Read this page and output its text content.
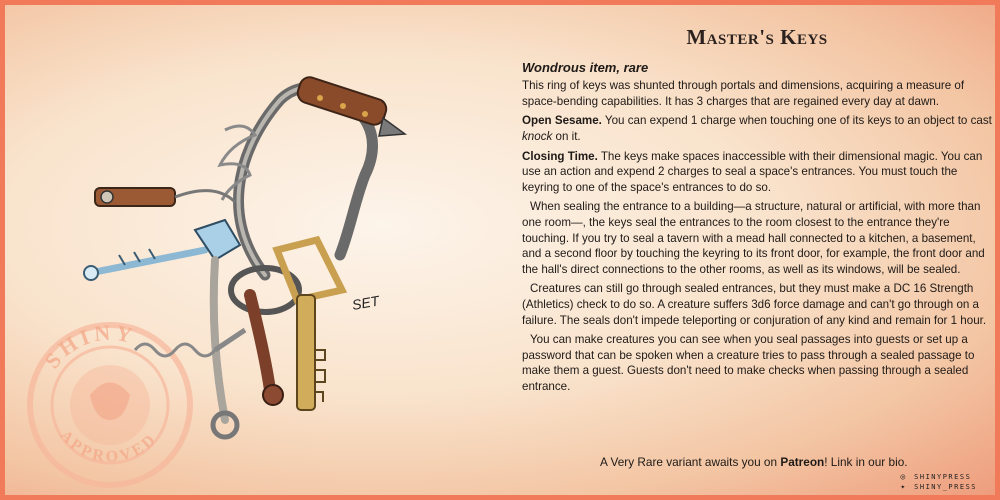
SHINY
APPROVED
SET
Master's Keys
Wondrous item, rare

This ring of keys was shunted through portals and dimensions, acquiring a measure of space-bending capabilities. It has 3 charges that are regained every day at dawn.

Open Sesame. You can expend 1 charge when touching one of its keys to an object to cast knock on it.

Closing Time. The keys make spaces inaccessible with their dimensional magic. You can use an action and expend 2 charges to seal a space's entrances. You must touch the keyring to one of the space's entrances to do so.

When sealing the entrance to a building—a structure, natural or artificial, with more than one room—, the keys seal the entrances to the room closest to the entrance they're touching. If you try to seal a tavern with a mead hall connected to a kitchen, a basement, and a second floor by touching the keyring to its front door, for example, the front door and the hall's direct connections to the other rooms, as well as its windows, will be sealed.

Creatures can still go through sealed entrances, but they must make a DC 16 Strength (Athletics) check to do so. A creature suffers 3d6 force damage and can't go through on a failure. The seals don't impede teleporting or conjuration of any kind and remain for 1 hour.

You can make creatures you can see when you seal passages into guests or set up a password that can be spoken when a creature tries to pass through a sealed passage to make them a guest. Guests don't need to make checks when passing through a sealed entrance.

A Very Rare variant awaits you on Patreon! Link in our bio.
◎ SHINYPRESS
✦ SHINY_PRESS
